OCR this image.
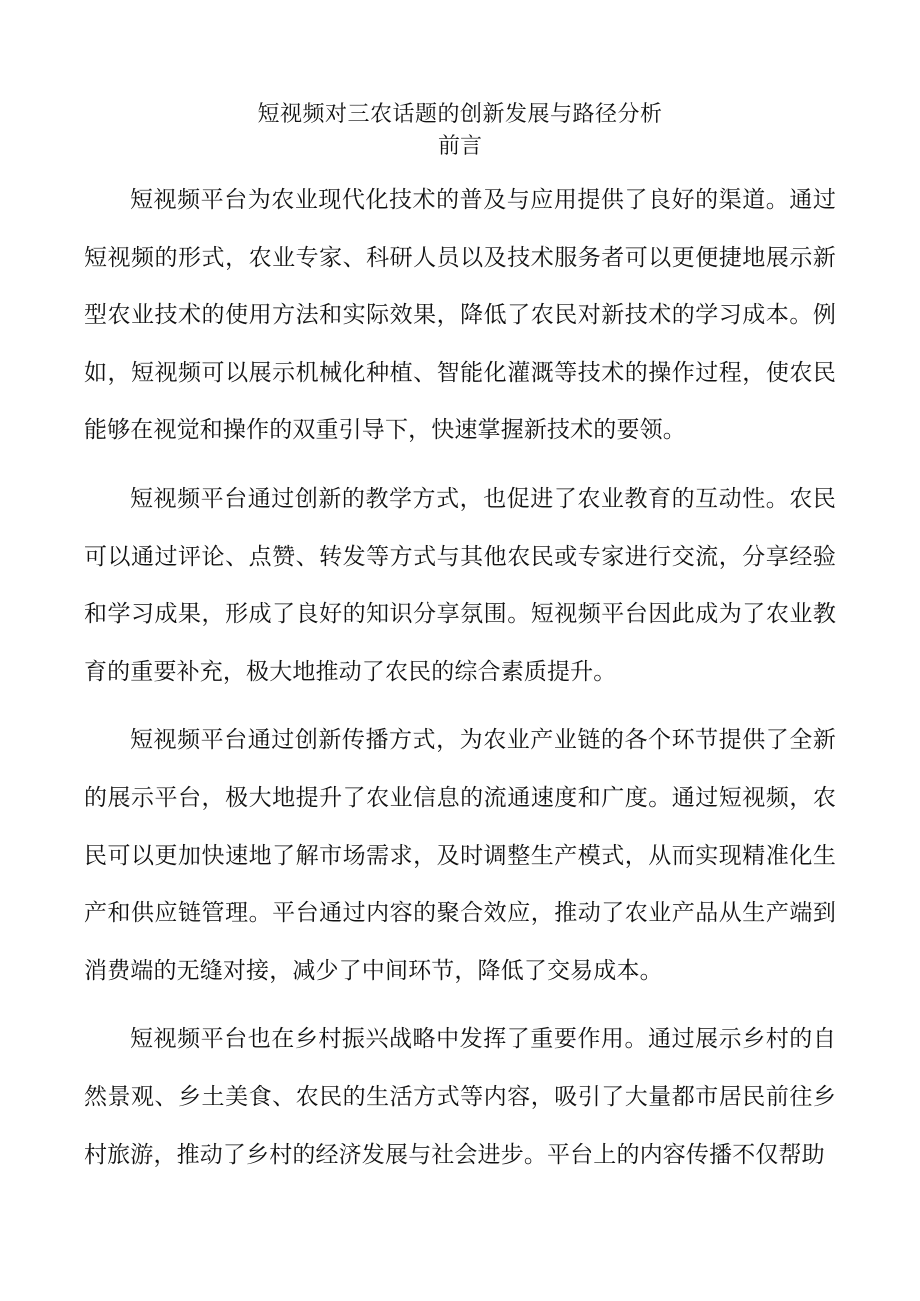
短视频对三农话题的创新发展与路径分析
前言

短视频平台为农业现代化技术的普及与应用提供了良好的渠道。通过短视频的形式，农业专家、科研人员以及技术服务者可以更便捷地展示新型农业技术的使用方法和实际效果，降低了农民对新技术的学习成本。例如，短视频可以展示机械化种植、智能化灌溉等技术的操作过程，使农民能够在视觉和操作的双重引导下，快速掌握新技术的要领。

短视频平台通过创新的教学方式，也促进了农业教育的互动性。农民可以通过评论、点赞、转发等方式与其他农民或专家进行交流，分享经验和学习成果，形成了良好的知识分享氛围。短视频平台因此成为了农业教育的重要补充，极大地推动了农民的综合素质提升。

短视频平台通过创新传播方式，为农业产业链的各个环节提供了全新的展示平台，极大地提升了农业信息的流通速度和广度。通过短视频，农民可以更加快速地了解市场需求，及时调整生产模式，从而实现精准化生产和供应链管理。平台通过内容的聚合效应，推动了农业产品从生产端到消费端的无缝对接，减少了中间环节，降低了交易成本。

短视频平台也在乡村振兴战略中发挥了重要作用。通过展示乡村的自然景观、乡土美食、农民的生活方式等内容，吸引了大量都市居民前往乡村旅游，推动了乡村的经济发展与社会进步。平台上的内容传播不仅帮助
